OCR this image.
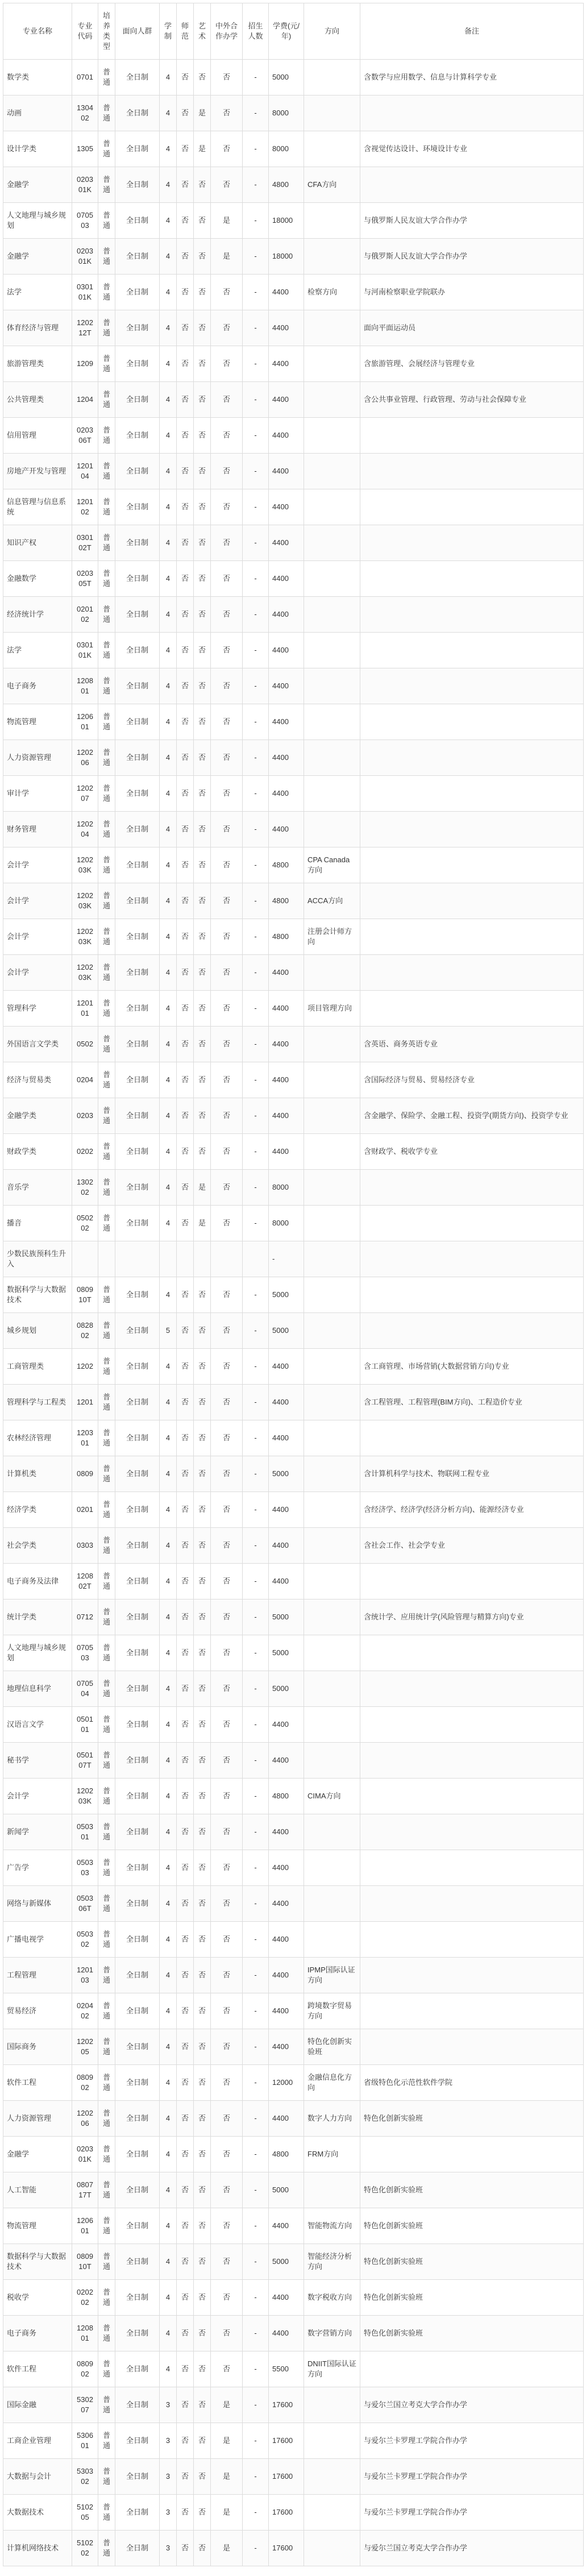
专业名称	专业代码	培养类型	面向人群	学制	师范	艺术	中外合作办学	招生人数	学费(元/年)	方向	备注
数学类	0701	普通	全日制	4	否	否	否	-	5000		含数学与应用数学、信息与计算科学专业
动画	130402	普通	全日制	4	否	是	否	-	8000		
设计学类	1305	普通	全日制	4	否	是	否	-	8000		含视觉传达设计、环境设计专业
金融学	020301K	普通	全日制	4	否	否	否	-	4800	CFA方向	
人文地理与城乡规划	070503	普通	全日制	4	否	否	是	-	18000		与俄罗斯人民友谊大学合作办学
金融学	020301K	普通	全日制	4	否	否	是	-	18000		与俄罗斯人民友谊大学合作办学
法学	030101K	普通	全日制	4	否	否	否	-	4400	检察方向	与河南检察职业学院联办
体育经济与管理	120212T	普通	全日制	4	否	否	否	-	4400		面向平面运动员
旅游管理类	1209	普通	全日制	4	否	否	否	-	4400		含旅游管理、会展经济与管理专业
公共管理类	1204	普通	全日制	4	否	否	否	-	4400		含公共事业管理、行政管理、劳动与社会保障专业
信用管理	020306T	普通	全日制	4	否	否	否	-	4400		
房地产开发与管理	120104	普通	全日制	4	否	否	否	-	4400		
信息管理与信息系统	120102	普通	全日制	4	否	否	否	-	4400		
知识产权	030102T	普通	全日制	4	否	否	否	-	4400		
金融数学	020305T	普通	全日制	4	否	否	否	-	4400		
经济统计学	020102	普通	全日制	4	否	否	否	-	4400		
法学	030101K	普通	全日制	4	否	否	否	-	4400		
电子商务	120801	普通	全日制	4	否	否	否	-	4400		
物流管理	120601	普通	全日制	4	否	否	否	-	4400		
人力资源管理	120206	普通	全日制	4	否	否	否	-	4400		
审计学	120207	普通	全日制	4	否	否	否	-	4400		
财务管理	120204	普通	全日制	4	否	否	否	-	4400		
会计学	120203K	普通	全日制	4	否	否	否	-	4800	CPA Canada方向	
会计学	120203K	普通	全日制	4	否	否	否	-	4800	ACCA方向	
会计学	120203K	普通	全日制	4	否	否	否	-	4800	注册会计师方向	
会计学	120203K	普通	全日制	4	否	否	否	-	4400		
管理科学	120101	普通	全日制	4	否	否	否	-	4400	项目管理方向	
外国语言文学类	0502	普通	全日制	4	否	否	否	-	4400		含英语、商务英语专业
经济与贸易类	0204	普通	全日制	4	否	否	否	-	4400		含国际经济与贸易、贸易经济专业
金融学类	0203	普通	全日制	4	否	否	否	-	4400		含金融学、保险学、金融工程、投资学(期货方向)、投资学专业
财政学类	0202	普通	全日制	4	否	否	否	-	4400		含财政学、税收学专业
音乐学	130202	普通	全日制	4	否	是	否	-	8000		
播音	050202	普通	全日制	4	否	是	否	-	8000		
少数民族预科生升入									-		
数据科学与大数据技术	080910T	普通	全日制	4	否	否	否	-	5000		
城乡规划	082802	普通	全日制	5	否	否	否	-	5000		
工商管理类	1202	普通	全日制	4	否	否	否	-	4400		含工商管理、市场营销(大数据营销方向)专业
管理科学与工程类	1201	普通	全日制	4	否	否	否	-	4400		含工程管理、工程管理(BIM方向)、工程造价专业
农林经济管理	120301	普通	全日制	4	否	否	否	-	4400		
计算机类	0809	普通	全日制	4	否	否	否	-	5000		含计算机科学与技术、物联网工程专业
经济学类	0201	普通	全日制	4	否	否	否	-	4400		含经济学、经济学(经济分析方向)、能源经济专业
社会学类	0303	普通	全日制	4	否	否	否	-	4400		含社会工作、社会学专业
电子商务及法律	120802T	普通	全日制	4	否	否	否	-	4400		
统计学类	0712	普通	全日制	4	否	否	否	-	5000		含统计学、应用统计学(风险管理与精算方向)专业
人文地理与城乡规划	070503	普通	全日制	4	否	否	否	-	5000		
地理信息科学	070504	普通	全日制	4	否	否	否	-	5000		
汉语言文学	050101	普通	全日制	4	否	否	否	-	4400		
秘书学	050107T	普通	全日制	4	否	否	否	-	4400		
会计学	120203K	普通	全日制	4	否	否	否	-	4800	CIMA方向	
新闻学	050301	普通	全日制	4	否	否	否	-	4400		
广告学	050303	普通	全日制	4	否	否	否	-	4400		
网络与新媒体	050306T	普通	全日制	4	否	否	否	-	4400		
广播电视学	050302	普通	全日制	4	否	否	否	-	4400		
工程管理	120103	普通	全日制	4	否	否	否	-	4400	IPMP国际认证方向	
贸易经济	020402	普通	全日制	4	否	否	否	-	4400	跨境数字贸易方向	
国际商务	120205	普通	全日制	4	否	否	否	-	4400	特色化创新实验班	
软件工程	080902	普通	全日制	4	否	否	否	-	12000	金融信息化方向	省级特色化示范性软件学院
人力资源管理	120206	普通	全日制	4	否	否	否	-	4400	数字人力方向	特色化创新实验班
金融学	020301K	普通	全日制	4	否	否	否	-	4800	FRM方向	
人工智能	080717T	普通	全日制	4	否	否	否	-	5000		特色化创新实验班
物流管理	120601	普通	全日制	4	否	否	否	-	4400	智能物流方向	特色化创新实验班
数据科学与大数据技术	080910T	普通	全日制	4	否	否	否	-	5000	智能经济分析方向	特色化创新实验班
税收学	020202	普通	全日制	4	否	否	否	-	4400	数字税收方向	特色化创新实验班
电子商务	120801	普通	全日制	4	否	否	否	-	4400	数字营销方向	特色化创新实验班
软件工程	080902	普通	全日制	4	否	否	否	-	5500	DNIIT国际认证方向	
国际金融	530207	普通	全日制	3	否	否	是	-	17600		与爱尔兰国立考克大学合作办学
工商企业管理	530601	普通	全日制	3	否	否	是	-	17600		与爱尔兰卡罗理工学院合作办学
大数据与会计	530302	普通	全日制	3	否	否	是	-	17600		与爱尔兰卡罗理工学院合作办学
大数据技术	510205	普通	全日制	3	否	否	是	-	17600		与爱尔兰卡罗理工学院合作办学
计算机网络技术	510202	普通	全日制	3	否	否	是	-	17600		与爱尔兰国立考克大学合作办学
